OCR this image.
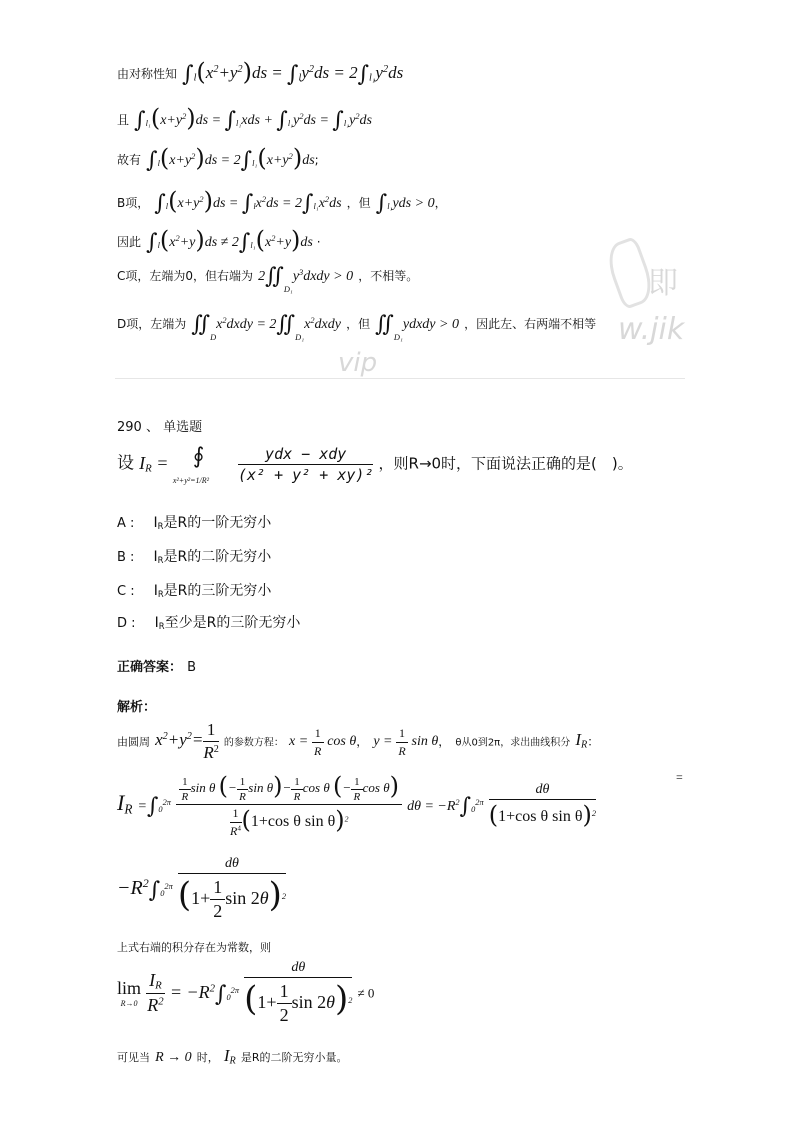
即
w.jik
vip
由对称性知 $\int_l(x^2+y^2)ds = \int_ly^2ds = 2\int_{l_1}y^2ds$
且 $\int_{l_1}(x+y^2)ds = \int_{l_1}xds + \int_{l_1}y^2ds = \int_{l_1}y^2ds$
故有 $\int_l(x+y^2)ds = 2\int_{l_1}(x+y^2)ds$;
B项， $\int_l(x+y^2)ds = \int_lx^2ds = 2\int_{l_1}x^2ds$ ，但 $\int_{l_1}yds > 0$，
因此 $\int_l(x^2+y)ds \ne 2\int_{l_1}(x^2+y)ds$ ·
C项，左端为0，但右端为 $2∬_{D_1}y^3dxdy > 0$ ，不相等。
D项，左端为 $∬_Dx^2dxdy$ = $2∬_{D_1}x^2dxdy$ ，但 $∬_{D_1}ydxdy > 0$ ，因此左、右两端不相等
290 、 单选题
设 $I_R$ = ∮
x²+y²=1/R²
$\frac{\text{ydx − xdy}}{\text{(x² + y² + xy)²}}$ ，则R→0时，下面说法正确的是(　)。
A : $I_R$是R的一阶无穷小
B : $I_R$是R的二阶无穷小
C : $I_R$是R的三阶无穷小
D : $I_R$至少是R的三阶无穷小
正确答案： B
解析：
由圆周 $x^2+y^2= \frac{1}{R^2}$ 的参数方程： $x = \frac{1}{R}$ cos θ， $y = \frac{1}{R}$ sin θ， θ从0到2π，求出曲线积分 $I_R$：
$I_R =\int_0^{2\pi} \frac{\frac{1}{R} \sin \theta (- \frac{1}{R} \sin \theta)- \frac{1}{R} \cos \theta (- \frac{1}{R} \cos \theta)}{\frac{1}{R^4} (1+\cos \theta \sin \theta)^2}$ $d\theta = -R^2\int_0^{2\pi} \frac{d\theta}{(1+\cos \theta \sin \theta)^2}$
=
$-R^2\int_0^{2\pi} \frac{d\theta}{(1+ \frac{1}{2} \sin 2\theta)^2}$
上式右端的积分存在为常数，则
lim
R→0
$\frac{I_R}{R^2} = -R^2\int_0^{2\pi} \frac{d\theta}{(1+ \frac{1}{2} \sin 2\theta)^2} \ne 0$
可见当 R → 0 时， $I_R$ 是R的二阶无穷小量。
